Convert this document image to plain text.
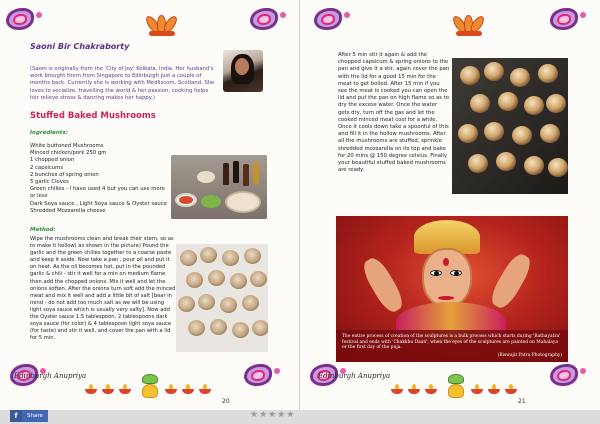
Saoni Bir Chakraborty

(Saoni is originally from the 'City of Joy' Kolkata, India. Her husband's work brought them from Singapore to Edinburgh just a couple of months back. Currently she is working with Medliscom, Scotland. She loves to socialize, travelling the world & her passion, cooking helps her relieve stress & dancing makes her happy.)

Stuffed Baked Mushrooms
Ingredients:
White buttoned Mushrooms
Minced chicken/pork 250 gm
1 chopped onion
2 capsicums
2 bunches of spring onion
5 garlic Cloves
Green chilies - I have used 4 but you can use more or less
Dark Soya sauce , Light Soya sauce & Oyster sauce
Shredded Mozzarella cheese
Method:

Wipe the mushrooms clean and break their stem, so as to make it hollow( as shown in the picture) Pound the garlic and the green chilies together to a coarse paste and keep it aside. Now take a pan , pour oil and put it on heat. As the oil becomes hot, put in the pounded garlic & chili - stir it well for a min on medium flame then add the chopped onions. Mix it well and let the onions soften. After the onions turn soft add the minced meat and mix it well and add a little bit of salt [bear in mind - do not add too much salt as we will be using light soya sauce which is usually very salty]. Now add the Oyster sauce 1.5 tablespoon, 2 tablespoons dark soya sauce (for color) & 4 tablespoon light soya sauce (for taste) and stir it well, and cover the pan with a lid for 5 min.

Edinburgh Anupriya
20

After 5 min stir it again & add the chopped capsicum & spring onions to the pan and give it a stir, again cover the pan with the lid for a good 15 min for the meat to get boiled. After 15 min if you see the meat is cooked you can open the lid and put the pan on high flame so as to dry the excess water. Once the water gets dry, turn off the gas and let the cooked minced meat cool for a while. Once it cools down take a spoonful of this and fill it in the hollow mushrooms. After all the mushrooms are stuffed, sprinkle shredded mozzarella on its top and bake for 20 mins @ 150 degree celsius. Finally your beautiful stuffed baked mushrooms are ready.

The entire process of creation of the sculptures is a bulk process which starts during 'Rathayatra' festival and ends with 'Chakkhu Daan', when the eyes of the sculptures are painted on Mahalaya or the first day of the puja.
(Biswajit Patra Photography)
Edinburgh Anupriya
21
f	Share	★★★★★
